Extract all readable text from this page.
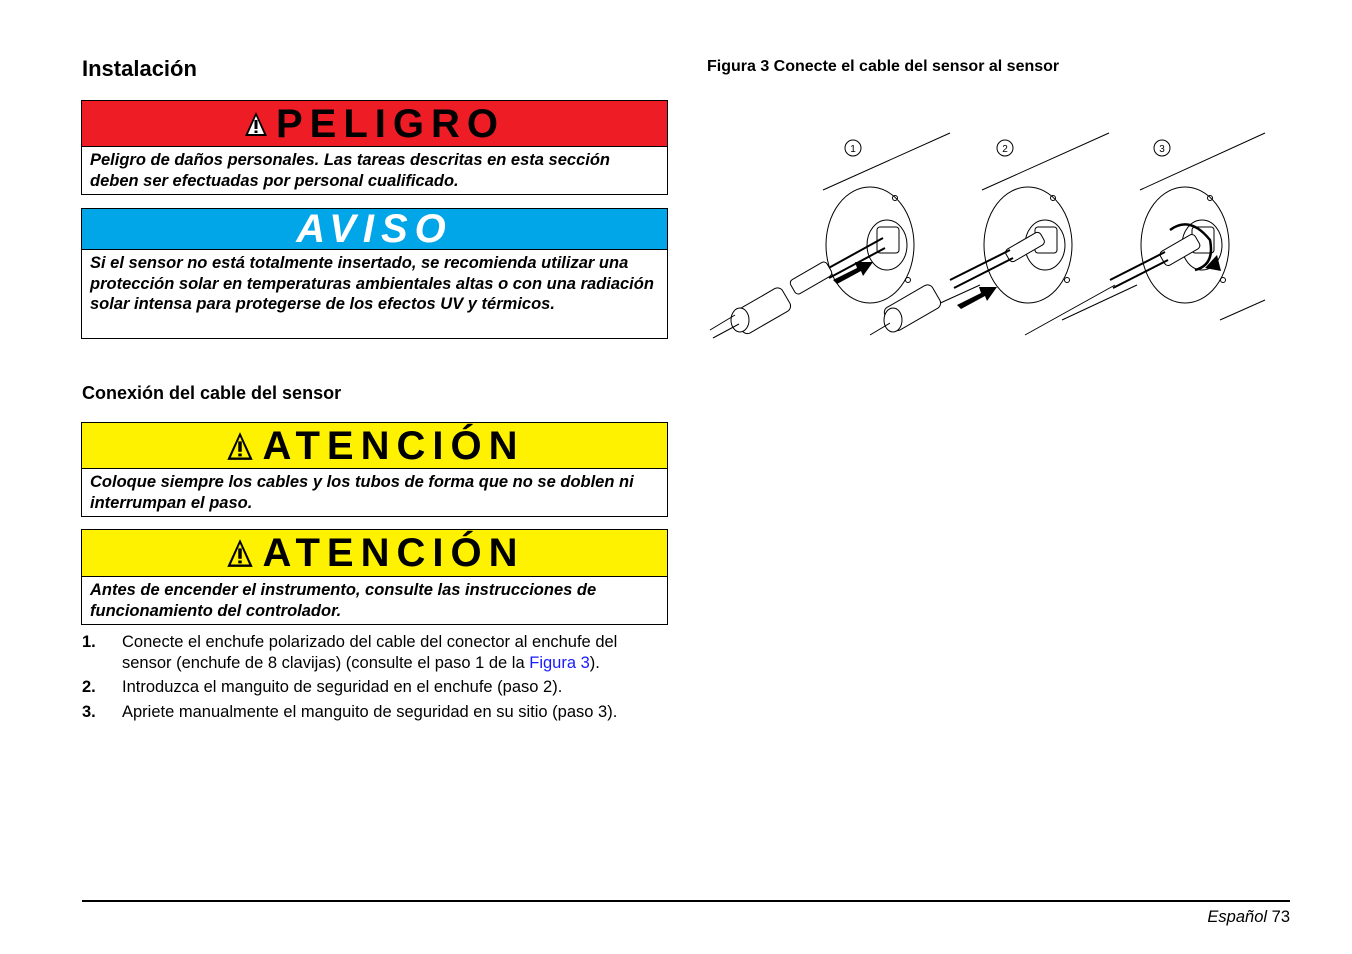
Instalación
PELIGRO
Peligro de daños personales. Las tareas descritas en esta sección deben ser efectuadas por personal cualificado.
AVISO
Si el sensor no está totalmente insertado, se recomienda utilizar una protección solar en temperaturas ambientales altas o con una radiación solar intensa para protegerse de los efectos UV y térmicos.
Conexión del cable del sensor
ATENCIÓN
Coloque siempre los cables y los tubos de forma que no se doblen ni interrumpan el paso.
ATENCIÓN
Antes de encender el instrumento, consulte las instrucciones de funcionamiento del controlador.
1.	Conecte el enchufe polarizado del cable del conector al enchufe del sensor (enchufe de 8 clavijas) (consulte el paso 1 de la Figura 3).
2.	Introduzca el manguito de seguridad en el enchufe (paso 2).
3.	Apriete manualmente el manguito de seguridad en su sitio (paso 3).
Figura 3 Conecte el cable del sensor al sensor
1	2	3
Español 73
